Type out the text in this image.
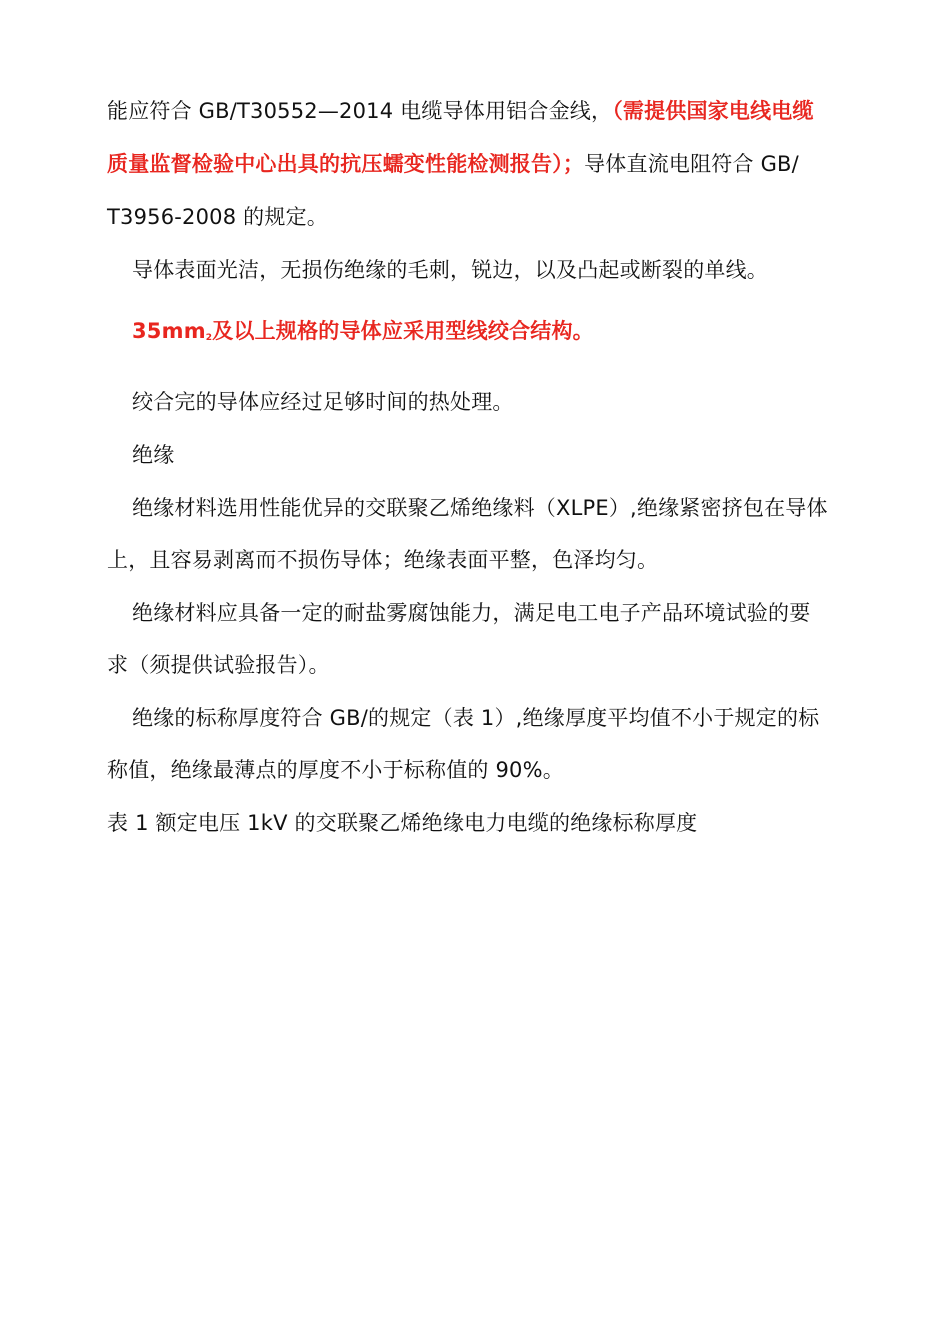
能应符合 GB/T30552—2014 电缆导体用铝合金线，（需提供国家电线电缆
质量监督检验中心出具的抗压蠕变性能检测报告）；导体直流电阻符合 GB/
T3956-2008 的规定。
导体表面光洁，无损伤绝缘的毛刺，锐边，以及凸起或断裂的单线。
$35mm_2$及以上规格的导体应采用型线绞合结构。
绞合完的导体应经过足够时间的热处理。
绝缘
绝缘材料选用性能优异的交联聚乙烯绝缘料（XLPE）,绝缘紧密挤包在导体
上，且容易剥离而不损伤导体；绝缘表面平整，色泽均匀。
绝缘材料应具备一定的耐盐雾腐蚀能力，满足电工电子产品环境试验的要
求（须提供试验报告）。
绝缘的标称厚度符合 GB/的规定（表 1）,绝缘厚度平均值不小于规定的标
称值，绝缘最薄点的厚度不小于标称值的 90%。
表 1 额定电压 1kV 的交联聚乙烯绝缘电力电缆的绝缘标称厚度
